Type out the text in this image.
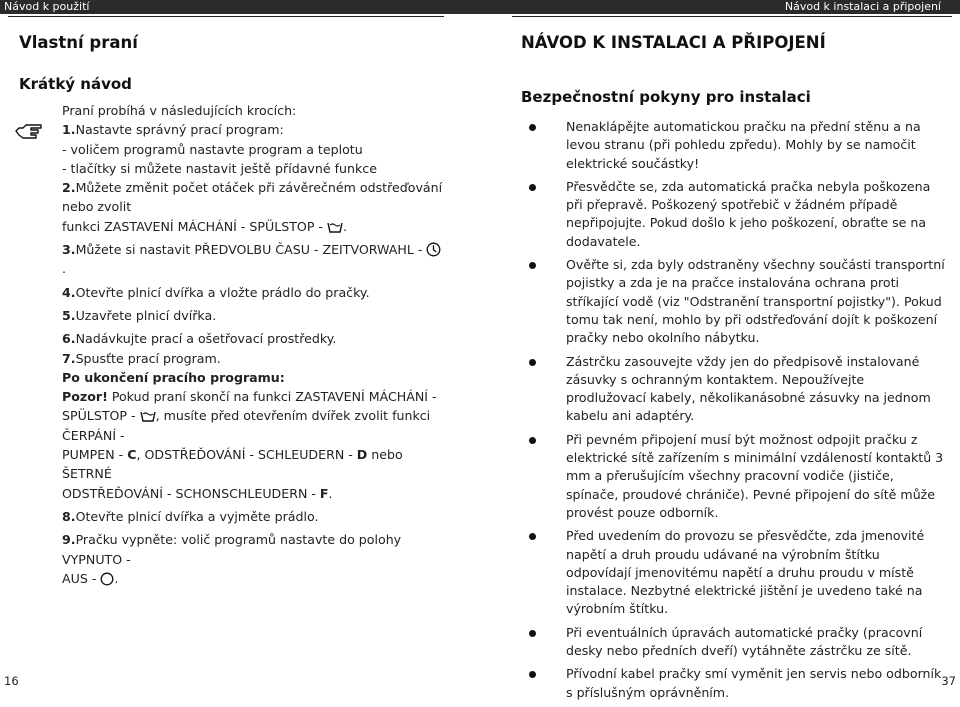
Návod k použití	Návod k instalaci a připojení
Vlastní praní
Krátký návod

Praní probíhá v následujících krocích:

1.Nastavte správný prací program:

- voličem programů nastavte program a teplotu

- tlačítky si můžete nastavit ještě přídavné funkce

2.Můžete změnit počet otáček při závěrečném odstřeďování nebo zvolit

funkci ZASTAVENÍ MÁCHÁNÍ - SPÜLSTOP - .

3.Můžete si nastavit PŘEDVOLBU ČASU - ZEITVORWAHL - .

4.Otevřte plnicí dvířka a vložte prádlo do pračky.

5.Uzavřete plnicí dvířka.

6.Nadávkujte prací a ošetřovací prostředky.

7.Spusťte prací program.

Po ukončení pracího programu:

Pozor! Pokud praní skončí na funkci ZASTAVENÍ MÁCHÁNÍ -

SPÜLSTOP - , musíte před otevřením dvířek zvolit funkci ČERPÁNÍ -

PUMPEN - C, ODSTŘEĎOVÁNÍ - SCHLEUDERN - D nebo ŠETRNÉ

ODSTŘEĎOVÁNÍ - SCHONSCHLEUDERN - F.

8.Otevřte plnicí dvířka a vyjměte prádlo.

9.Pračku vypněte: volič programů nastavte do polohy VYPNUTO -

AUS - .

NÁVOD K INSTALACI A PŘIPOJENÍ
Bezpečnostní pokyny pro instalaci
Nenaklápějte automatickou pračku na přední stěnu a na levou stranu (při pohledu zpředu). Mohly by se namočit elektrické součástky!
Přesvědčte se, zda automatická pračka nebyla poškozena při přepravě. Poškozený spotřebič v žádném případě nepřipojujte. Pokud došlo k jeho poškození, obraťte se na dodavatele.
Ověřte si, zda byly odstraněny všechny součásti transportní pojistky a zda je na pračce instalována ochrana proti stříkající vodě (viz "Odstranění transportní pojistky"). Pokud tomu tak není, mohlo by při odstřeďování dojít k poškození pračky nebo okolního nábytku.
Zástrčku zasouvejte vždy jen do předpisově instalované zásuvky s ochranným kontaktem. Nepoužívejte prodlužovací kabely, několikanásobné zásuvky na jednom kabelu ani adaptéry.
Při pevném připojení musí být možnost odpojit pračku z elektrické sítě zařízením s minimální vzdáleností kontaktů 3 mm a přerušujícím všechny pracovní vodiče (jističe, spínače, proudové chrániče). Pevné připojení do sítě může provést pouze odborník.
Před uvedením do provozu se přesvědčte, zda jmenovité napětí a druh proudu udávané na výrobním štítku odpovídají jmenovitému napětí a druhu proudu v místě instalace. Nezbytné elektrické jištění je uvedeno také na výrobním štítku.
Při eventuálních úpravách automatické pračky (pracovní desky nebo předních dveří) vytáhněte zástrčku ze sítě.
Přívodní kabel pračky smí vyměnit jen servis nebo odborník s příslušným oprávněním.
16	37
